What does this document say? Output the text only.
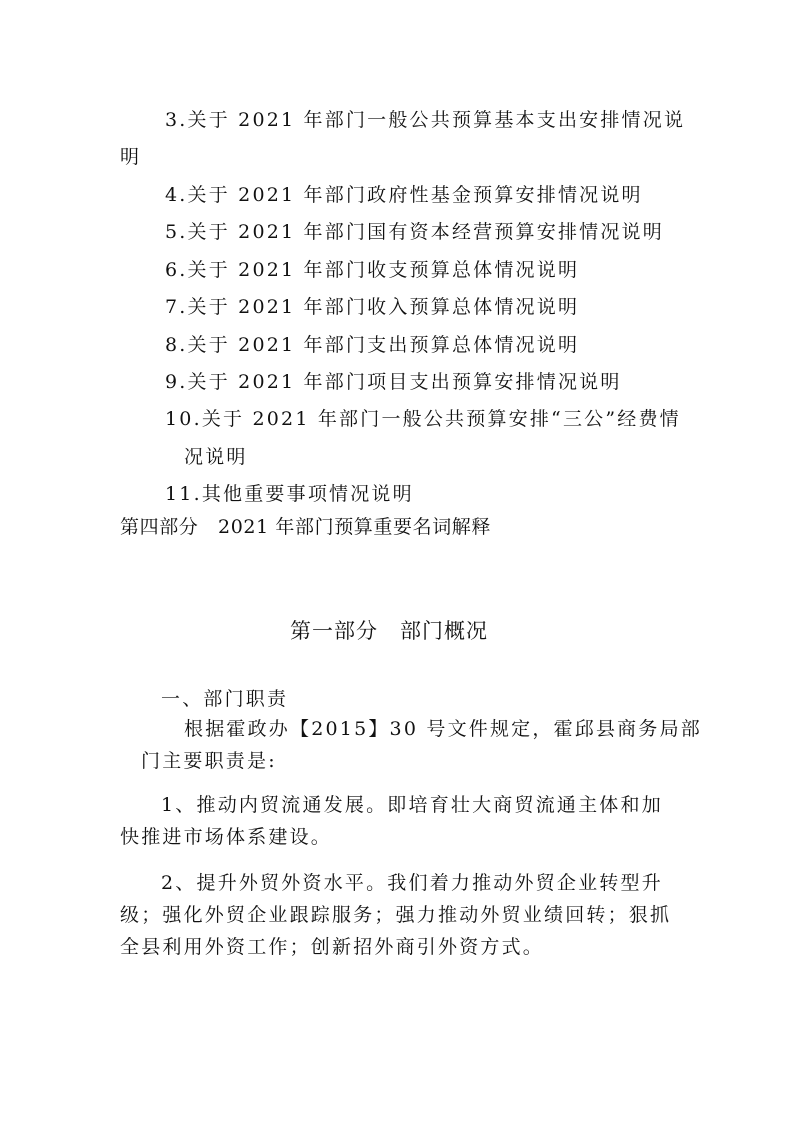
3.关于 2021 年部门一般公共预算基本支出安排情况说
明
4.关于 2021 年部门政府性基金预算安排情况说明
5.关于 2021 年部门国有资本经营预算安排情况说明
6.关于 2021 年部门收支预算总体情况说明
7.关于 2021 年部门收入预算总体情况说明
8.关于 2021 年部门支出预算总体情况说明
9.关于 2021 年部门项目支出预算安排情况说明
10.关于 2021 年部门一般公共预算安排“三公”经费情
况说明
11.其他重要事项情况说明
第四部分　2021 年部门预算重要名词解释
第一部分　部门概况
一、部门职责
根据霍政办【2015】30 号文件规定，霍邱县商务局部
门主要职责是:
1、推动内贸流通发展。即培育壮大商贸流通主体和加
快推进市场体系建设。
2、提升外贸外资水平。我们着力推动外贸企业转型升
级；强化外贸企业跟踪服务；强力推动外贸业绩回转；狠抓
全县利用外资工作；创新招外商引外资方式。
